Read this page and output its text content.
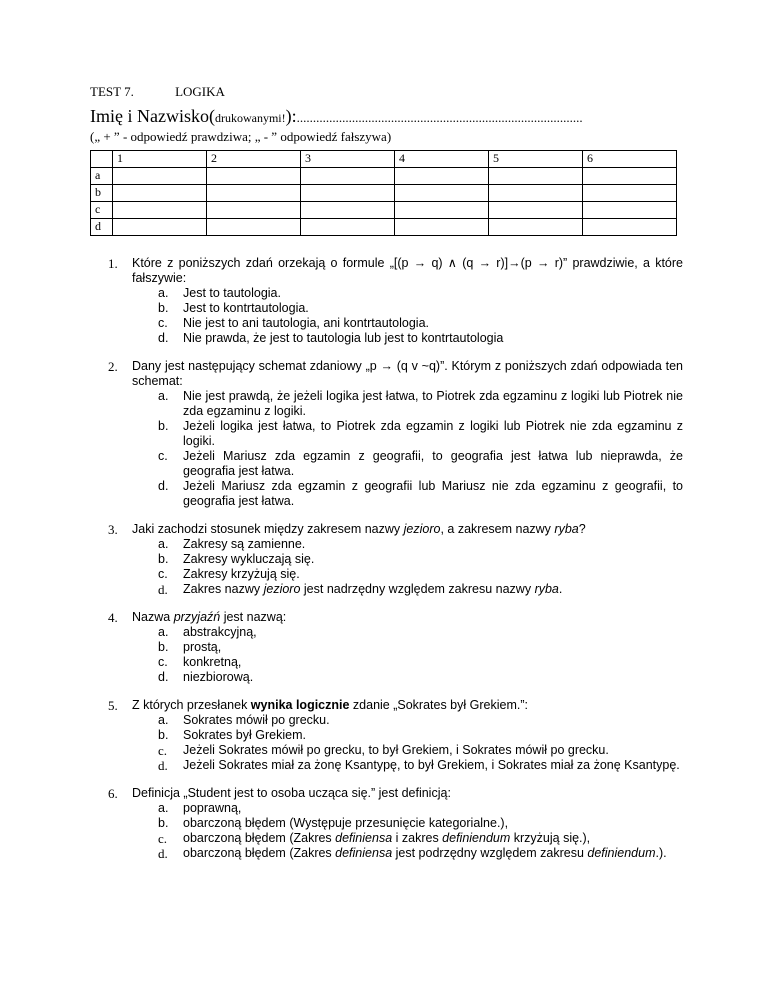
TEST 7.	LOGIKA
Imię i Nazwisko(drukowanymi!):........................................................................................
(„ + ” - odpowiedź prawdziwa; „ - ” odpowiedź fałszywa)
	1	2	3	4	5	6
a						
b						
c						
d						
1. Które z poniższych zdań orzekają o formule „[(p → q) ∧ (q → r)]→(p → r)” prawdziwie, a które fałszywie:
a. Jest to tautologia.
b. Jest to kontrtautologia.
c. Nie jest to ani tautologia, ani kontrtautologia.
d. Nie prawda, że jest to tautologia lub jest to kontrtautologia
2. Dany jest następujący schemat zdaniowy „p → (q v ~q)”. Którym z poniższych zdań odpowiada ten schemat:
a. Nie jest prawdą, że jeżeli logika jest łatwa, to Piotrek zda egzaminu z logiki lub Piotrek nie zda egzaminu z logiki.
b. Jeżeli logika jest łatwa, to Piotrek zda egzamin z logiki lub Piotrek nie zda egzaminu z logiki.
c. Jeżeli Mariusz zda egzamin z geografii, to geografia jest łatwa lub nieprawda, że geografia jest łatwa.
d. Jeżeli Mariusz zda egzamin z geografii lub Mariusz nie zda egzaminu z geografii, to geografia jest łatwa.
3. Jaki zachodzi stosunek między zakresem nazwy jezioro, a zakresem nazwy ryba?
a. Zakresy są zamienne.
b. Zakresy wykluczają się.
c. Zakresy krzyżują się.
d. Zakres nazwy jezioro jest nadrzędny względem zakresu nazwy ryba.
4. Nazwa przyjaźń jest nazwą:
a. abstrakcyjną,
b. prostą,
c. konkretną,
d. niezbiorową.
5. Z których przesłanek wynika logicznie zdanie „Sokrates był Grekiem.”:
a. Sokrates mówił po grecku.
b. Sokrates był Grekiem.
c. Jeżeli Sokrates mówił po grecku, to był Grekiem, i Sokrates mówił po grecku.
d. Jeżeli Sokrates miał za żonę Ksantypę, to był Grekiem, i Sokrates miał za żonę Ksantypę.
6. Definicja „Student jest to osoba ucząca się.” jest definicją:
a. poprawną,
b. obarczoną błędem (Występuje przesunięcie kategorialne.),
c. obarczoną błędem (Zakres definiensa i zakres definiendum krzyżują się.),
d. obarczoną błędem (Zakres definiensa jest podrzędny względem zakresu definiendum.).
